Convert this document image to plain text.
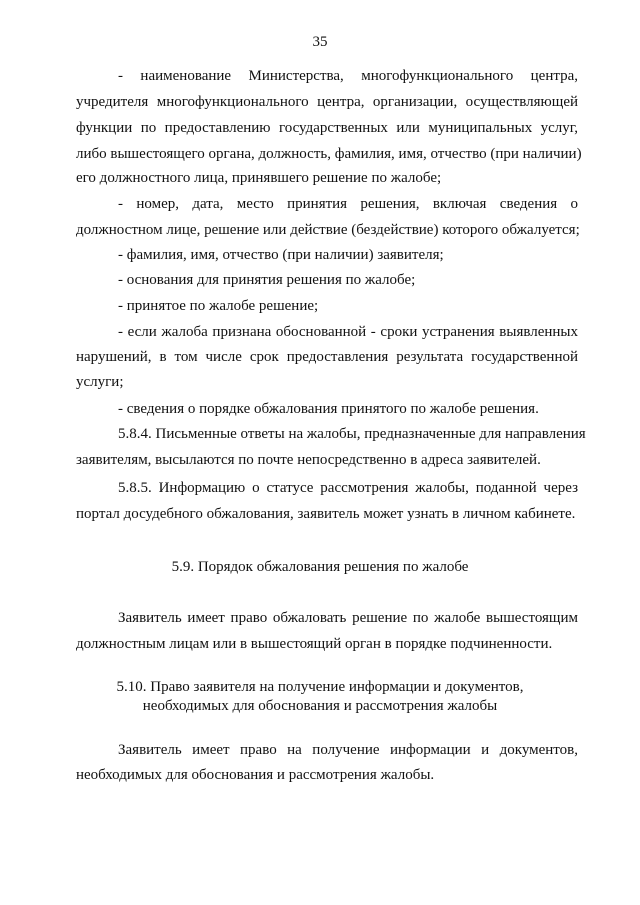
35
- наименование Министерства, многофункционального центра,
учредителя многофункционального центра, организации, осуществляющей
функции по предоставлению государственных или муниципальных услуг,
либо вышестоящего органа, должность, фамилия, имя, отчество (при наличии)
его должностного лица, принявшего решение по жалобе;
- номер, дата, место принятия решения, включая сведения о
должностном лице, решение или действие (бездействие) которого обжалуется;
- фамилия, имя, отчество (при наличии) заявителя;
- основания для принятия решения по жалобе;
- принятое по жалобе решение;
- если жалоба признана обоснованной - сроки устранения выявленных
нарушений, в том числе срок предоставления результата государственной
услуги;
- сведения о порядке обжалования принятого по жалобе решения.
5.8.4. Письменные ответы на жалобы, предназначенные для направления
заявителям, высылаются по почте непосредственно в адреса заявителей.
5.8.5. Информацию о статусе рассмотрения жалобы, поданной через
портал досудебного обжалования, заявитель может узнать в личном кабинете.
5.9. Порядок обжалования решения по жалобе
Заявитель имеет право обжаловать решение по жалобе вышестоящим
должностным лицам или в вышестоящий орган в порядке подчиненности.
5.10. Право заявителя на получение информации и документов,
необходимых для обоснования и рассмотрения жалобы
Заявитель имеет право на получение информации и документов,
необходимых для обоснования и рассмотрения жалобы.
